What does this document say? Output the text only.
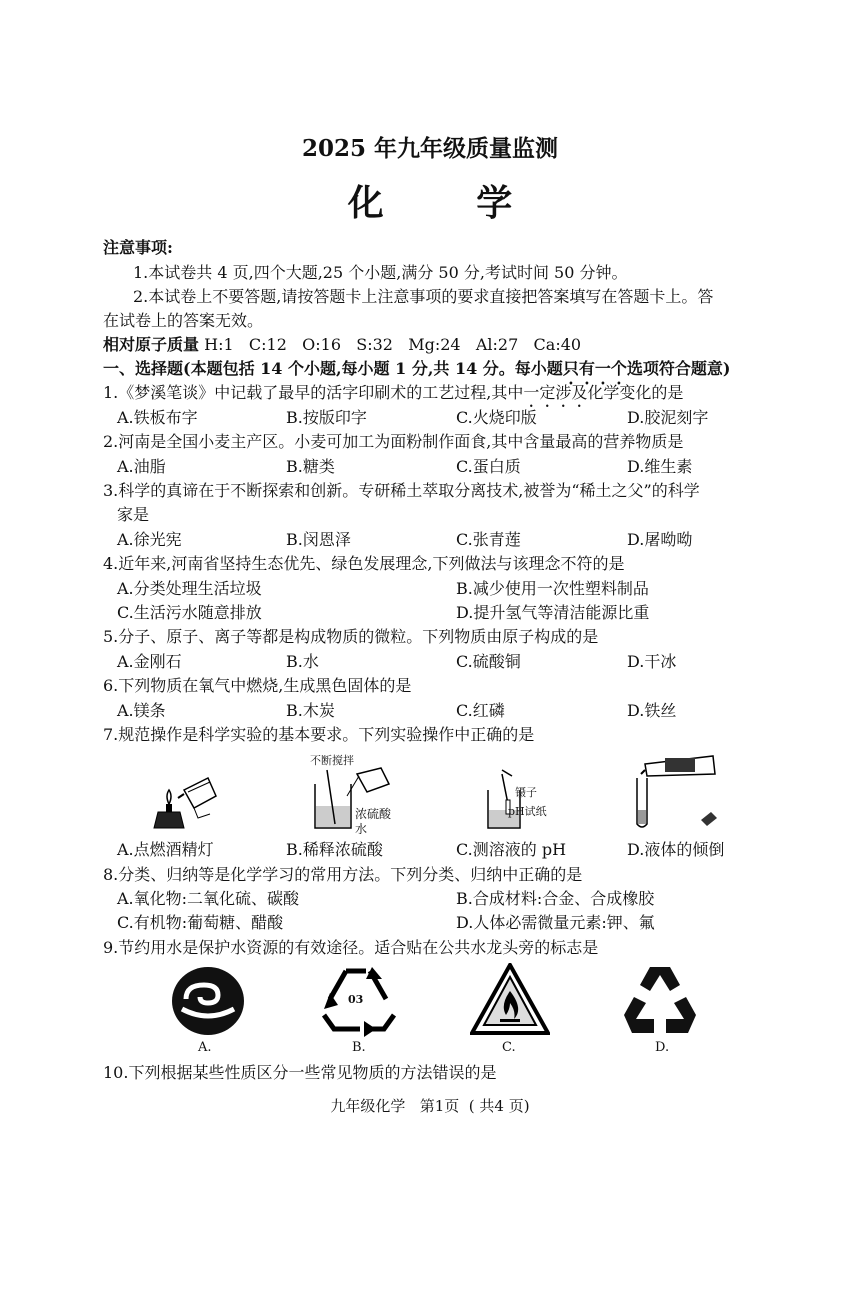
2025 年九年级质量监测
化 学
注意事项:
1.本试卷共 4 页,四个大题,25 个小题,满分 50 分,考试时间 50 分钟。
2.本试卷上不要答题,请按答题卡上注意事项的要求直接把答案填写在答题卡上。答
在试卷上的答案无效。
相对原子质量 H:1   C:12   O:16   S:32   Mg:24   Al:27   Ca:40
一、选择题(本题包括 14 个小题,每小题 1 分,共 14 分。每小题只有一个选项符合题意)
1.《梦溪笔谈》中记载了最早的活字印刷术的工艺过程,其中一定涉及化学变化的是
A.铁板布字	B.按版印字	C.火烧印版	D.胶泥刻字
2.河南是全国小麦主产区。小麦可加工为面粉制作面食,其中含量最高的营养物质是
A.油脂	B.糖类	C.蛋白质	D.维生素
3.科学的真谛在于不断探索和创新。专研稀土萃取分离技术,被誉为“稀土之父”的科学
家是
A.徐光宪	B.闵恩泽	C.张青莲	D.屠呦呦
4.近年来,河南省坚持生态优先、绿色发展理念,下列做法与该理念不符的是
A.分类处理生活垃圾	B.减少使用一次性塑料制品
C.生活污水随意排放	D.提升氢气等清洁能源比重
5.分子、原子、离子等都是构成物质的微粒。下列物质由原子构成的是
A.金刚石	B.水	C.硫酸铜	D.干冰
6.下列物质在氧气中燃烧,生成黑色固体的是
A.镁条	B.木炭	C.红磷	D.铁丝
7.规范操作是科学实验的基本要求。下列实验操作中正确的是
不断搅拌
浓硫酸
水
镊子
pH试纸
A.点燃酒精灯	B.稀释浓硫酸	C.测溶液的 pH	D.液体的倾倒
8.分类、归纳等是化学学习的常用方法。下列分类、归纳中正确的是
A.氧化物:二氧化硫、碳酸	B.合成材料:合金、合成橡胶
C.有机物:葡萄糖、醋酸	D.人体必需微量元素:钾、氟
9.节约用水是保护水资源的有效途径。适合贴在公共水龙头旁的标志是
03
A.	B.	C.	D.
10.下列根据某些性质区分一些常见物质的方法错误的是
九年级化学   第1页  ( 共4 页)
